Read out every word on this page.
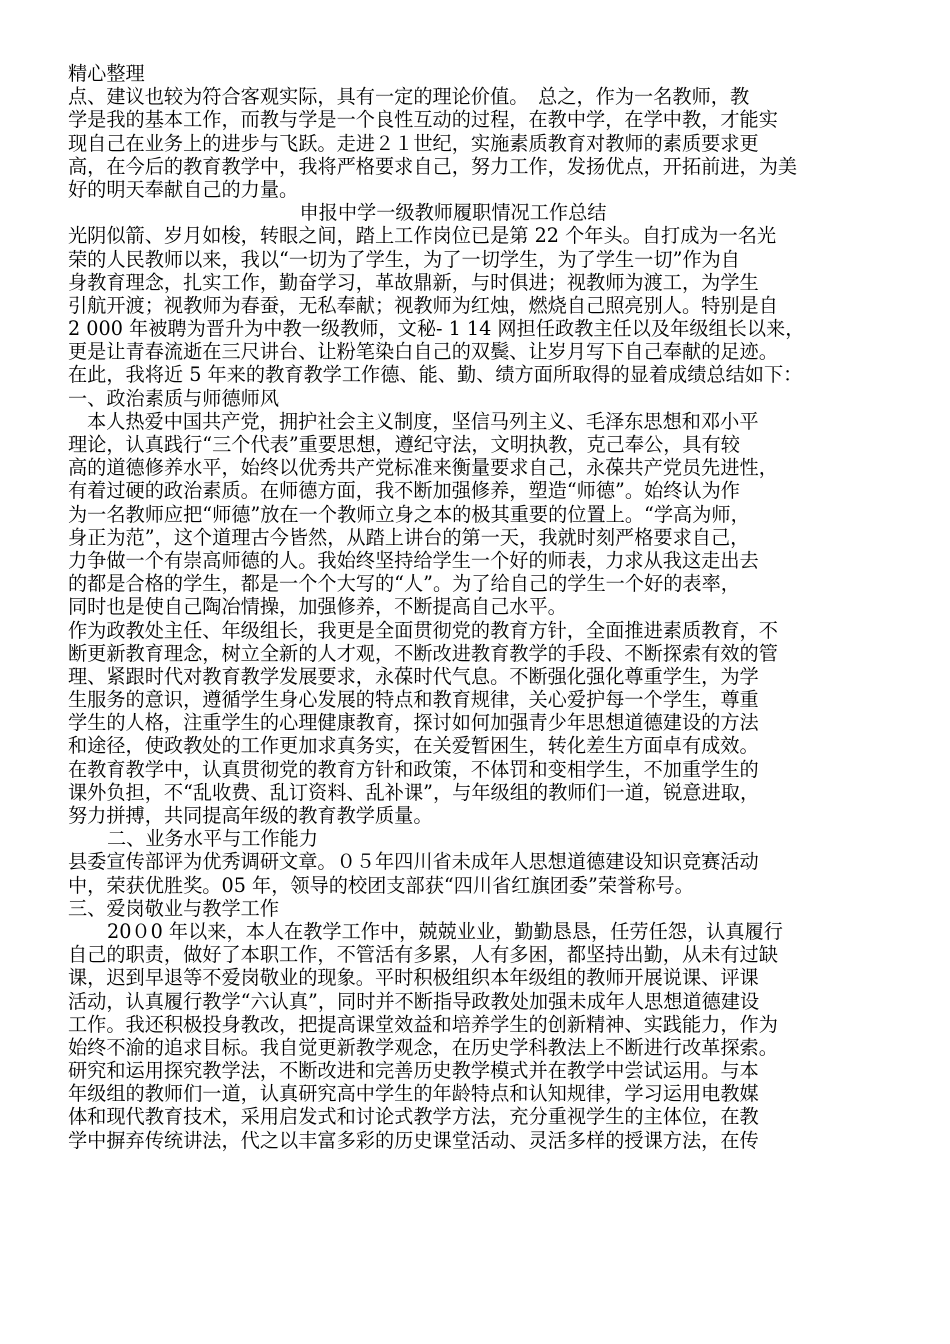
精心整理
点、建议也较为符合客观实际，具有一定的理论价值。　总之，作为一名教师，教
学是我的基本工作，而教与学是一个良性互动的过程，在教中学，在学中教，才能实
现自己在业务上的进步与飞跃。走进２１世纪，实施素质教育对教师的素质要求更
高，在今后的教育教学中，我将严格要求自己，努力工作，发扬优点，开拓前进，为美
好的明天奉献自己的力量。
申报中学一级教师履职情况工作总结
光阴似箭、岁月如梭，转眼之间，踏上工作岗位已是第 22 个年头。自打成为一名光
荣的人民教师以来，我以“一切为了学生，为了一切学生，为了学生一切”作为自
身教育理念，扎实工作，勤奋学习，革故鼎新，与时俱进；视教师为渡工，为学生
引航开渡；视教师为春蚕，无私奉献；视教师为红烛，燃烧自己照亮别人。特别是自
2 000 年被聘为晋升为中教一级教师，文秘- 1 14 网担任政教主任以及年级组长以来，
更是让青春流逝在三尺讲台、让粉笔染白自己的双鬓、让岁月写下自己奉献的足迹。
在此，我将近 5 年来的教育教学工作德、能、勤、绩方面所取得的显着成绩总结如下：
一、政治素质与师德师风
本人热爱中国共产党，拥护社会主义制度，坚信马列主义、毛泽东思想和邓小平
理论，认真践行“三个代表”重要思想，遵纪守法，文明执教，克己奉公，具有较
高的道德修养水平，始终以优秀共产党标准来衡量要求自己，永葆共产党员先进性，
有着过硬的政治素质。在师德方面，我不断加强修养，塑造“师德”。始终认为作
为一名教师应把“师德”放在一个教师立身之本的极其重要的位置上。“学高为师，
身正为范”，这个道理古今皆然，从踏上讲台的第一天，我就时刻严格要求自己，
力争做一个有崇高师德的人。我始终坚持给学生一个好的师表，力求从我这走出去
的都是合格的学生，都是一个个大写的“人”。为了给自己的学生一个好的表率，
同时也是使自己陶冶情操，加强修养，不断提高自己水平。
作为政教处主任、年级组长，我更是全面贯彻党的教育方针，全面推进素质教育，不
断更新教育理念，树立全新的人才观，不断改进教育教学的手段、不断探索有效的管
理、紧跟时代对教育教学发展要求，永葆时代气息。不断强化强化尊重学生，为学
生服务的意识，遵循学生身心发展的特点和教育规律，关心爱护每一个学生，尊重
学生的人格，注重学生的心理健康教育，探讨如何加强青少年思想道德建设的方法
和途径，使政教处的工作更加求真务实，在关爱暂困生，转化差生方面卓有成效。
在教育教学中，认真贯彻党的教育方针和政策，不体罚和变相学生，不加重学生的
课外负担，不“乱收费、乱订资料、乱补课”，与年级组的教师们一道，锐意进取，
努力拼搏，共同提高年级的教育教学质量。
二、业务水平与工作能力
县委宣传部评为优秀调研文章。０５年四川省未成年人思想道德建设知识竞赛活动
中，荣获优胜奖。05 年，领导的校团支部获“四川省红旗团委”荣誉称号。
三、爱岗敬业与教学工作
20０0 年以来，本人在教学工作中，兢兢业业，勤勤恳恳，任劳任怨，认真履行
自己的职责，做好了本职工作，不管活有多累，人有多困，都坚持出勤，从未有过缺
课，迟到早退等不爱岗敬业的现象。平时积极组织本年级组的教师开展说课、评课
活动，认真履行教学“六认真”，同时并不断指导政教处加强未成年人思想道德建设
工作。我还积极投身教改，把提高课堂效益和培养学生的创新精神、实践能力，作为
始终不渝的追求目标。我自觉更新教学观念，在历史学科教法上不断进行改革探索。
研究和运用探究教学法，不断改进和完善历史教学模式并在教学中尝试运用。与本
年级组的教师们一道，认真研究高中学生的年龄特点和认知规律，学习运用电教媒
体和现代教育技术，采用启发式和讨论式教学方法，充分重视学生的主体位，在教
学中摒弃传统讲法，代之以丰富多彩的历史课堂活动、灵活多样的授课方法，在传
